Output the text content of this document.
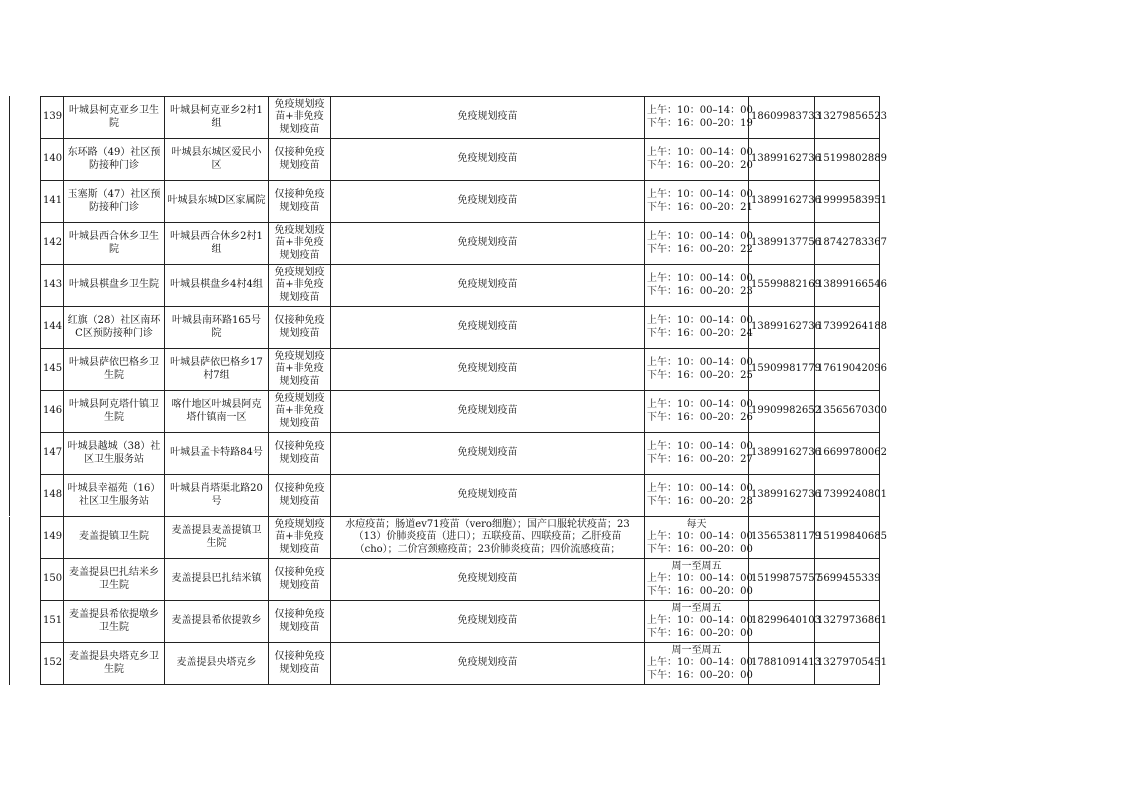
139	叶城县柯克亚乡卫生院	叶城县柯克亚乡2村1组	免疫规划疫苗+非免疫规划疫苗	免疫规划疫苗	上午：10：00–14：00
下午：16：00–20：19	18609983733	13279856523
140	东环路（49）社区预防接种门诊	叶城县东城区爱民小区	仅接种免疫规划疫苗	免疫规划疫苗	上午：10：00–14：00
下午：16：00–20：20	13899162736	15199802889
141	玉塞斯（47）社区预防接种门诊	叶城县东城D区家属院	仅接种免疫规划疫苗	免疫规划疫苗	上午：10：00–14：00
下午：16：00–20：21	13899162736	19999583951
142	叶城县西合休乡卫生院	叶城县西合休乡2村1组	免疫规划疫苗+非免疫规划疫苗	免疫规划疫苗	上午：10：00–14：00
下午：16：00–20：22	13899137756	18742783367
143	叶城县棋盘乡卫生院	叶城县棋盘乡4村4组	免疫规划疫苗+非免疫规划疫苗	免疫规划疫苗	上午：10：00–14：00
下午：16：00–20：23	15599882169	13899166546
144	红旗（28）社区南环C区预防接种门诊	叶城县南环路165号院	仅接种免疫规划疫苗	免疫规划疫苗	上午：10：00–14：00
下午：16：00–20：24	13899162736	17399264188
145	叶城县萨依巴格乡卫生院	叶城县萨依巴格乡17村7组	免疫规划疫苗+非免疫规划疫苗	免疫规划疫苗	上午：10：00–14：00
下午：16：00–20：25	15909981779	17619042096
146	叶城县阿克塔什镇卫生院	喀什地区叶城县阿克塔什镇南一区	免疫规划疫苗+非免疫规划疫苗	免疫规划疫苗	上午：10：00–14：00
下午：16：00–20：26	19909982652	13565670300
147	叶城县越城（38）社区卫生服务站	叶城县孟卡特路84号	仅接种免疫规划疫苗	免疫规划疫苗	上午：10：00–14：00
下午：16：00–20：27	13899162736	16699780062
148	叶城县幸福苑（16）社区卫生服务站	叶城县肖塔渠北路20号	仅接种免疫规划疫苗	免疫规划疫苗	上午：10：00–14：00
下午：16：00–20：28	13899162736	17399240801
149	麦盖提镇卫生院	麦盖提县麦盖提镇卫生院	免疫规划疫苗+非免疫规划疫苗	水痘疫苗；肠道ev71疫苗（vero细胞）；国产口服轮状疫苗；23（13）价肺炎疫苗（进口）；五联疫苗、四联疫苗；乙肝疫苗（cho）；二价宫颈癌疫苗；23价肺炎疫苗；四价流感疫苗；	每天
上午：10：00–14：00
下午：16：00–20：00	13565381179	15199840685
150	麦盖提县巴扎结米乡卫生院	麦盖提县巴扎结米镇	仅接种免疫规划疫苗	免疫规划疫苗	周一至周五
上午：10：00–14：00
下午：16：00–20：00	15199875757	5699455339
151	麦盖提县希依提墩乡卫生院	麦盖提县希依提敦乡	仅接种免疫规划疫苗	免疫规划疫苗	周一至周五
上午：10：00–14：00
下午：16：00–20：00	18299640103	13279736861
152	麦盖提县央塔克乡卫生院	麦盖提县央塔克乡	仅接种免疫规划疫苗	免疫规划疫苗	周一至周五
上午：10：00–14：00
下午：16：00–20：00	17881091413	13279705451
